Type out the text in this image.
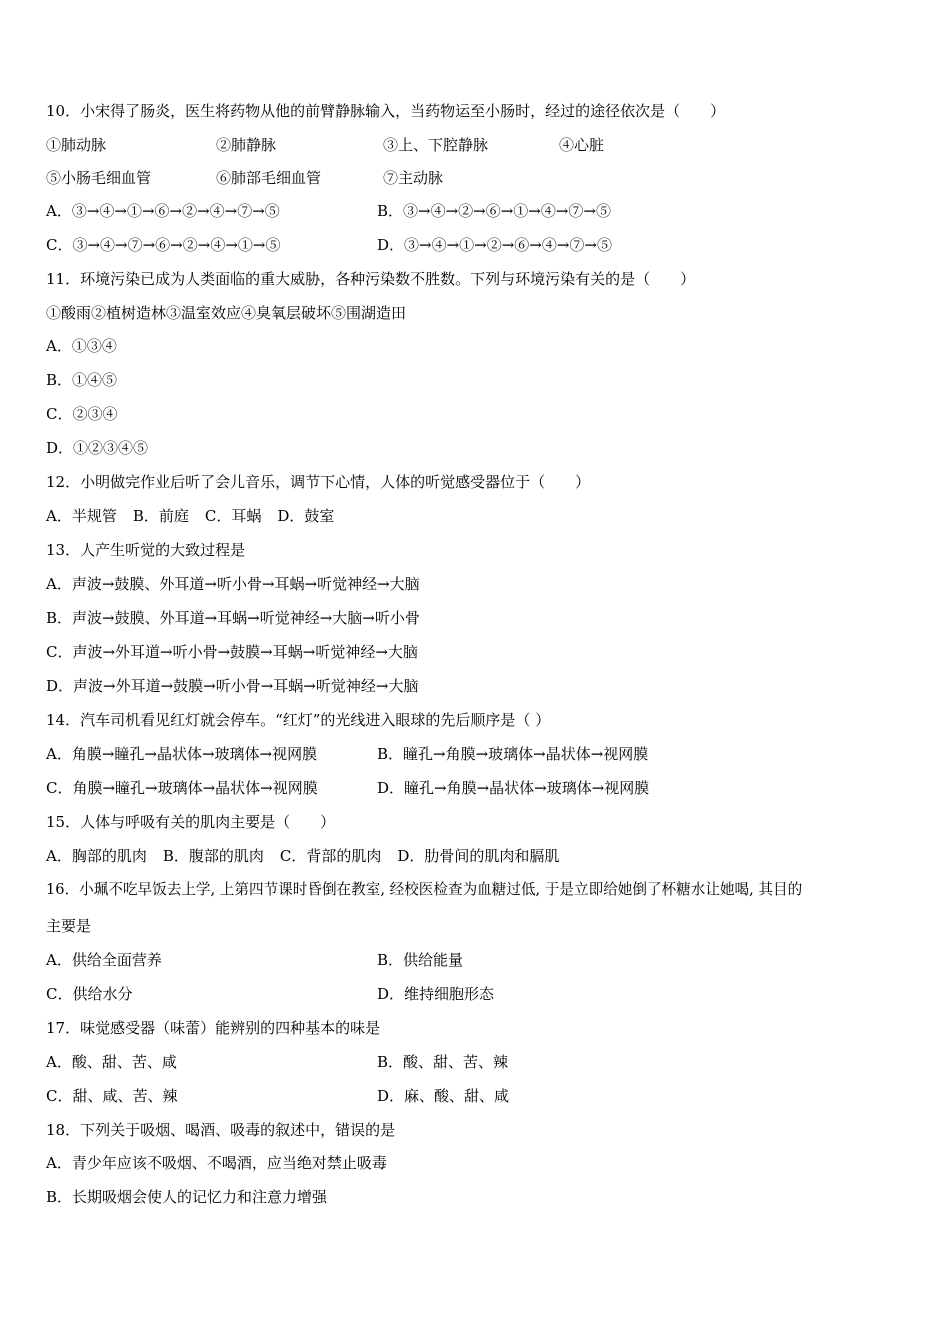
10．小宋得了肠炎，医生将药物从他的前臂静脉输入，当药物运至小肠时，经过的途径依次是（　　）
①肺动脉	②肺静脉	③上、下腔静脉	④心脏
⑤小肠毛细血管	⑥肺部毛细血管	⑦主动脉
A．③→④→①→⑥→②→④→⑦→⑤	B．③→④→②→⑥→①→④→⑦→⑤
C．③→④→⑦→⑥→②→④→①→⑤	D．③→④→①→②→⑥→④→⑦→⑤
11．环境污染已成为人类面临的重大威胁，各种污染数不胜数。下列与环境污染有关的是（　　）
①酸雨②植树造林③温室效应④臭氧层破坏⑤围湖造田
A．①③④
B．①④⑤
C．②③④
D．①②③④⑤
12．小明做完作业后听了会儿音乐，调节下心情，人体的听觉感受器位于（　　）
A．半规管 B．前庭 C．耳蜗 D．鼓室
13．人产生听觉的大致过程是
A．声波→鼓膜、外耳道→听小骨→耳蜗→听觉神经→大脑
B．声波→鼓膜、外耳道→耳蜗→听觉神经→大脑→听小骨
C．声波→外耳道→听小骨→鼓膜→耳蜗→听觉神经→大脑
D．声波→外耳道→鼓膜→听小骨→耳蜗→听觉神经→大脑
14．汽车司机看见红灯就会停车。“红灯”的光线进入眼球的先后顺序是（ ）
A．角膜→瞳孔→晶状体→玻璃体→视网膜	B．瞳孔→角膜→玻璃体→晶状体→视网膜
C．角膜→瞳孔→玻璃体→晶状体→视网膜	D．瞳孔→角膜→晶状体→玻璃体→视网膜
15．人体与呼吸有关的肌肉主要是（　　）
A．胸部的肌肉 B．腹部的肌肉 C．背部的肌肉 D．肋骨间的肌肉和膈肌
16．小珮不吃早饭去上学, 上第四节课时昏倒在教室, 经校医检查为血糖过低, 于是立即给她倒了杯糖水让她喝, 其目的
主要是
A．供给全面营养	B．供给能量
C．供给水分	D．维持细胞形态
17．味觉感受器（味蕾）能辨别的四种基本的味是
A．酸、甜、苦、咸	B．酸、甜、苦、辣
C．甜、咸、苦、辣	D．麻、酸、甜、咸
18．下列关于吸烟、喝酒、吸毒的叙述中，错误的是
A．青少年应该不吸烟、不喝酒，应当绝对禁止吸毒
B．长期吸烟会使人的记忆力和注意力增强
